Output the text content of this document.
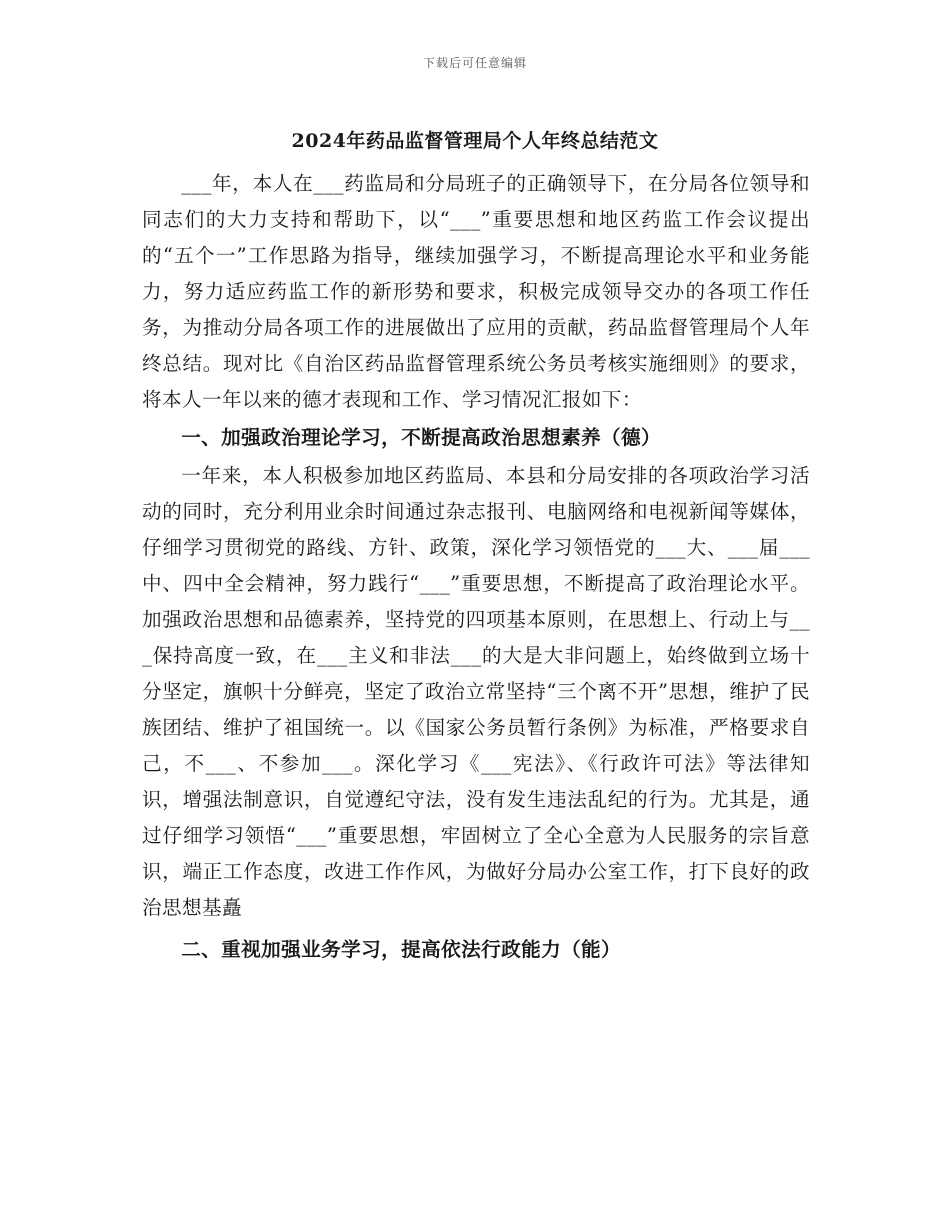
下载后可任意编辑
2024年药品监督管理局个人年终总结范文

___年，本人在___药监局和分局班子的正确领导下，在分局各位领导和同志们的大力支持和帮助下，以“___”重要思想和地区药监工作会议提出的“五个一”工作思路为指导，继续加强学习，不断提高理论水平和业务能力，努力适应药监工作的新形势和要求，积极完成领导交办的各项工作任务，为推动分局各项工作的进展做出了应用的贡献，药品监督管理局个人年终总结。现对比《自治区药品监督管理系统公务员考核实施细则》的要求，将本人一年以来的德才表现和工作、学习情况汇报如下：

一、加强政治理论学习，不断提高政治思想素养（德）

一年来，本人积极参加地区药监局、本县和分局安排的各项政治学习活动的同时，充分利用业余时间通过杂志报刊、电脑网络和电视新闻等媒体，仔细学习贯彻党的路线、方针、政策，深化学习领悟党的___大、___届___中、四中全会精神，努力践行“___”重要思想，不断提高了政治理论水平。加强政治思想和品德素养，坚持党的四项基本原则，在思想上、行动上与___保持高度一致，在___主义和非法___的大是大非问题上，始终做到立场十分坚定，旗帜十分鲜亮，坚定了政治立常坚持“三个离不开”思想，维护了民族团结、维护了祖国统一。以《国家公务员暂行条例》为标准，严格要求自己，不___、不参加___。深化学习《___宪法》、《行政许可法》等法律知识，增强法制意识，自觉遵纪守法，没有发生违法乱纪的行为。尤其是，通过仔细学习领悟“___”重要思想，牢固树立了全心全意为人民服务的宗旨意识，端正工作态度，改进工作作风，为做好分局办公室工作，打下良好的政治思想基矗

二、重视加强业务学习，提高依法行政能力（能）
